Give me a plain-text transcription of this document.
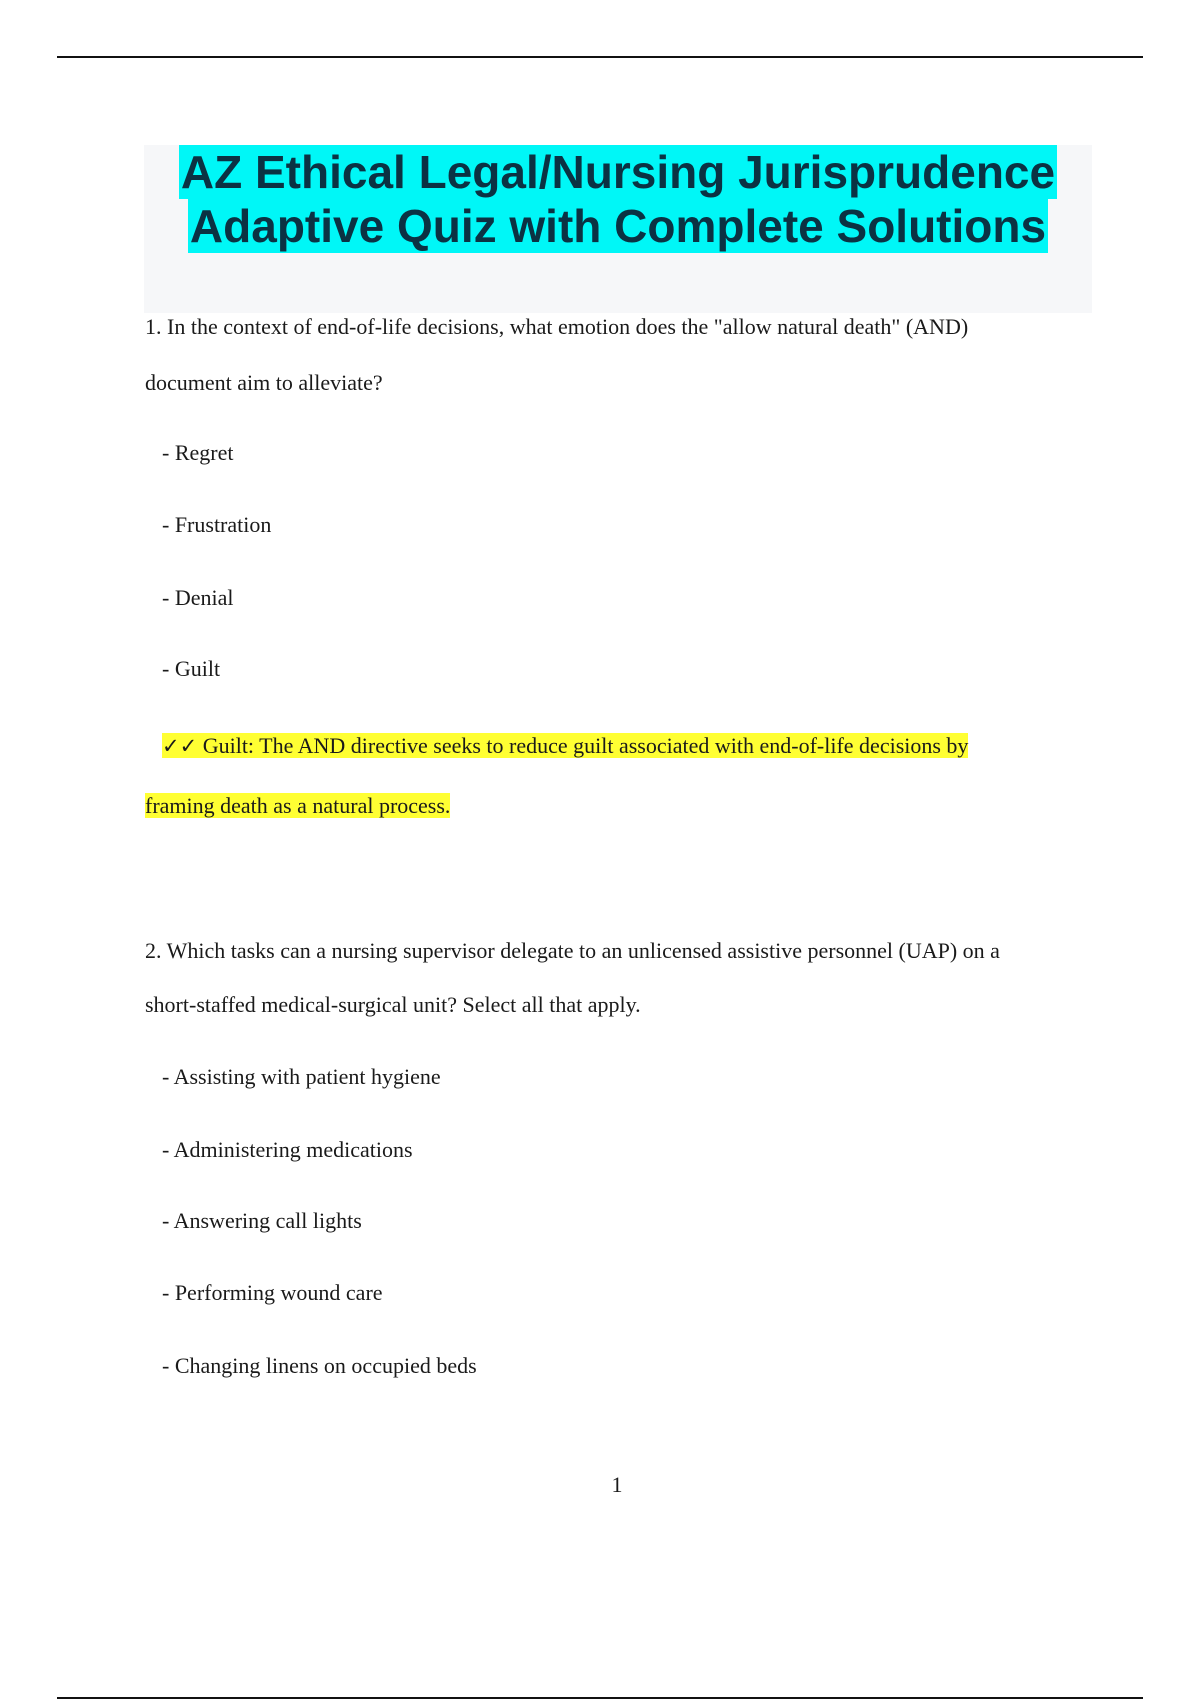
AZ Ethical Legal/Nursing Jurisprudence
Adaptive Quiz with Complete Solutions
1. In the context of end-of-life decisions, what emotion does the "allow natural death" (AND)
document aim to alleviate?
- Regret
- Frustration
- Denial
- Guilt
✓✓ Guilt: The AND directive seeks to reduce guilt associated with end-of-life decisions by
framing death as a natural process.
2. Which tasks can a nursing supervisor delegate to an unlicensed assistive personnel (UAP) on a
short-staffed medical-surgical unit? Select all that apply.
- Assisting with patient hygiene
- Administering medications
- Answering call lights
- Performing wound care
- Changing linens on occupied beds
1
